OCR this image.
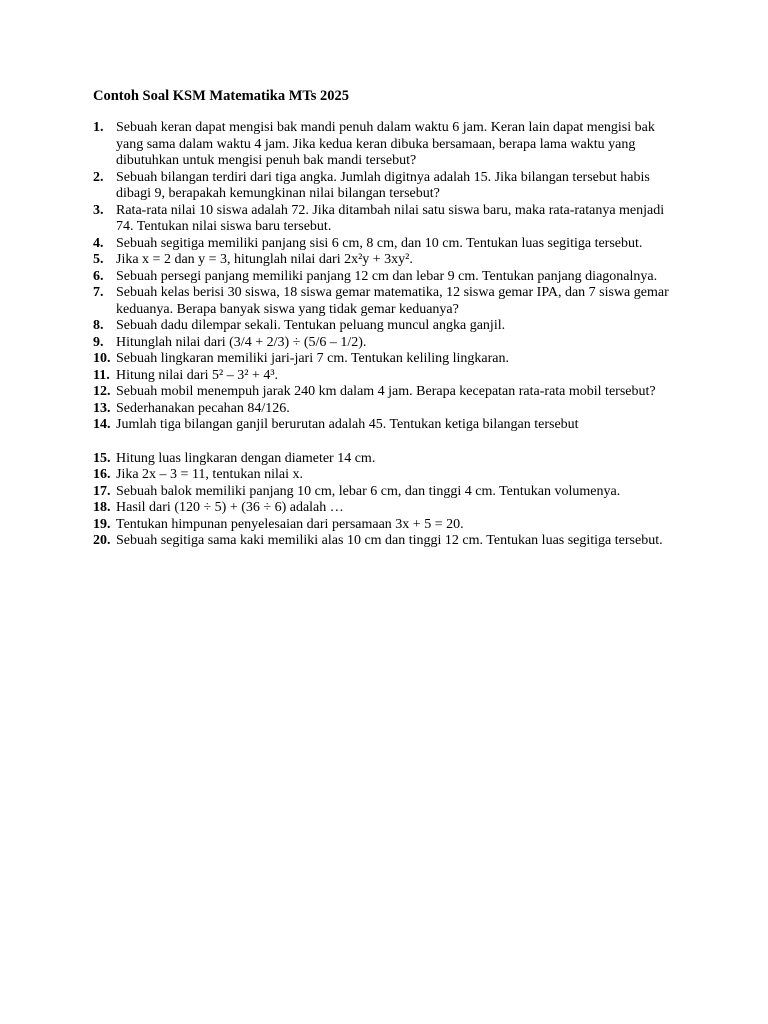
Contoh Soal KSM Matematika MTs 2025
1. Sebuah keran dapat mengisi bak mandi penuh dalam waktu 6 jam. Keran lain dapat mengisi bak yang sama dalam waktu 4 jam. Jika kedua keran dibuka bersamaan, berapa lama waktu yang dibutuhkan untuk mengisi penuh bak mandi tersebut?
2. Sebuah bilangan terdiri dari tiga angka. Jumlah digitnya adalah 15. Jika bilangan tersebut habis dibagi 9, berapakah kemungkinan nilai bilangan tersebut?
3. Rata-rata nilai 10 siswa adalah 72. Jika ditambah nilai satu siswa baru, maka rata-ratanya menjadi 74. Tentukan nilai siswa baru tersebut.
4. Sebuah segitiga memiliki panjang sisi 6 cm, 8 cm, dan 10 cm. Tentukan luas segitiga tersebut.
5. Jika x = 2 dan y = 3, hitunglah nilai dari 2x²y + 3xy².
6. Sebuah persegi panjang memiliki panjang 12 cm dan lebar 9 cm. Tentukan panjang diagonalnya.
7. Sebuah kelas berisi 30 siswa, 18 siswa gemar matematika, 12 siswa gemar IPA, dan 7 siswa gemar keduanya. Berapa banyak siswa yang tidak gemar keduanya?
8. Sebuah dadu dilempar sekali. Tentukan peluang muncul angka ganjil.
9. Hitunglah nilai dari (3/4 + 2/3) ÷ (5/6 – 1/2).
10. Sebuah lingkaran memiliki jari-jari 7 cm. Tentukan keliling lingkaran.
11. Hitung nilai dari 5² – 3² + 4³.
12. Sebuah mobil menempuh jarak 240 km dalam 4 jam. Berapa kecepatan rata-rata mobil tersebut?
13. Sederhanakan pecahan 84/126.
14. Jumlah tiga bilangan ganjil berurutan adalah 45. Tentukan ketiga bilangan tersebut
15. Hitung luas lingkaran dengan diameter 14 cm.
16. Jika 2x – 3 = 11, tentukan nilai x.
17. Sebuah balok memiliki panjang 10 cm, lebar 6 cm, dan tinggi 4 cm. Tentukan volumenya.
18. Hasil dari (120 ÷ 5) + (36 ÷ 6) adalah …
19. Tentukan himpunan penyelesaian dari persamaan 3x + 5 = 20.
20. Sebuah segitiga sama kaki memiliki alas 10 cm dan tinggi 12 cm. Tentukan luas segitiga tersebut.
